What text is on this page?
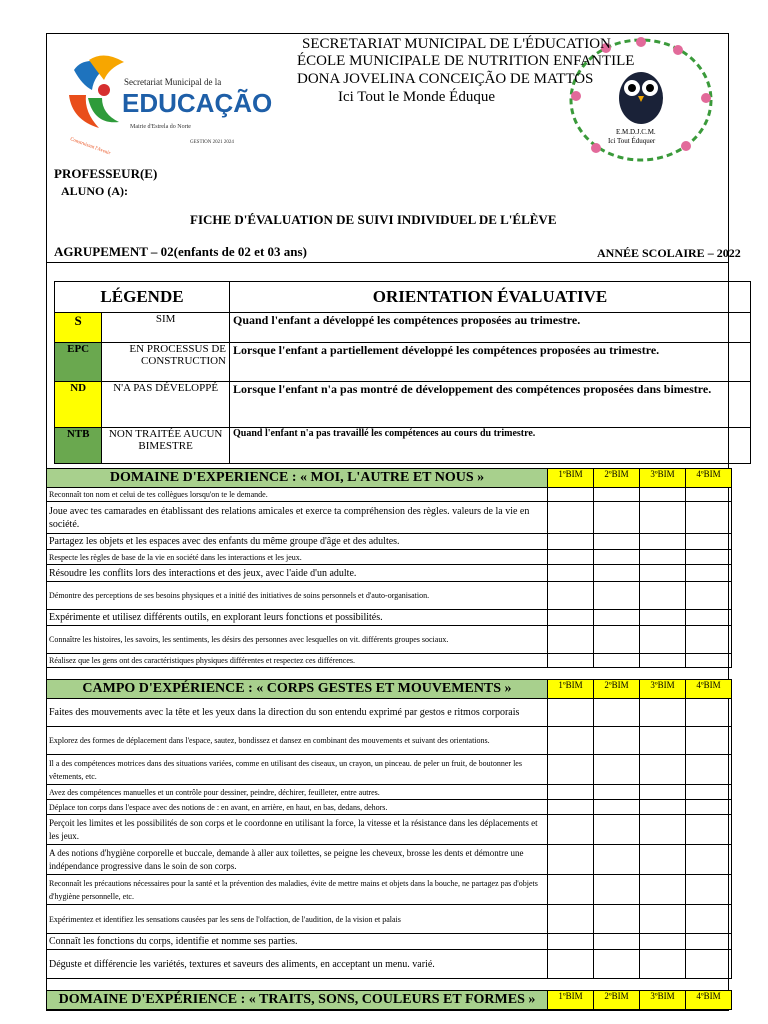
Secretariat Municipal de la
EDUCAÇÃO
Mairie d'Estrela do Norte
GESTION 2021 2024
Construisant l'Avenir
E.M.D.J.C.M.
Ici Tout Éduquer
SECRETARIAT MUNICIPAL DE L'ÉDUCATION
ÉCOLE MUNICIPALE DE NUTRITION ENFANTILE
DONA JOVELINA CONCEIÇÃO DE MATTOS
Ici Tout le Monde Éduque
PROFESSEUR(E)
ALUNO (A):
FICHE D'ÉVALUATION DE SUIVI INDIVIDUEL DE L'ÉLÈVE
AGRUPEMENT – 02(enfants de 02 et 03 ans)	ANNÉE SCOLAIRE – 2022
LÉGENDE		ORIENTATION ÉVALUATIVE
S	SIM	Quand l'enfant a développé les compétences proposées au trimestre.
EPC	EN PROCESSUS DE CONSTRUCTION	Lorsque l'enfant a partiellement développé les compétences proposées au trimestre.
ND	N'A PAS DÉVELOPPÉ	Lorsque l'enfant n'a pas montré de développement des compétences proposées dans bimestre.
NTB	NON TRAITÉE AUCUN BIMESTRE	Quand l'enfant n'a pas travaillé les compétences au cours du trimestre.
DOMAINE D'EXPERIENCE : « MOI, L'AUTRE ET NOUS »	1ºBIM	2ºBIM	3ºBIM	4ºBIM
Reconnaît ton nom et celui de tes collègues lorsqu'on te le demande.				
Joue avec tes camarades en établissant des relations amicales et exerce ta compréhension des règles. valeurs de la vie en société.				
Partagez les objets et les espaces avec des enfants du même groupe d'âge et des adultes.				
Respecte les règles de base de la vie en société dans les interactions et les jeux.				
Résoudre les conflits lors des interactions et des jeux, avec l'aide d'un adulte.				
Démontre des perceptions de ses besoins physiques et a initié des initiatives de soins personnels et d'auto-organisation.				
Expérimente et utilisez différents outils, en explorant leurs fonctions et possibilités.				
Connaître les histoires, les savoirs, les sentiments, les désirs des personnes avec lesquelles on vit. différents groupes sociaux.				
Réalisez que les gens ont des caractéristiques physiques différentes et respectez ces différences.				
CAMPO D'EXPÉRIENCE : « CORPS GESTES ET MOUVEMENTS »	1ºBIM	2ºBIM	3ºBIM	4ºBIM
Faites des mouvements avec la tête et les yeux dans la direction du son entendu exprimé par gestos e ritmos corporais				
Explorez des formes de déplacement dans l'espace, sautez, bondissez et dansez en combinant des mouvements et suivant des orientations.				
Il a des compétences motrices dans des situations variées, comme en utilisant des ciseaux, un crayon, un pinceau. de peler un fruit, de boutonner les vêtements, etc.				
Avez des compétences manuelles et un contrôle pour dessiner, peindre, déchirer, feuilleter, entre autres.				
Déplace ton corps dans l'espace avec des notions de : en avant, en arrière, en haut, en bas, dedans, dehors.				
Perçoit les limites et les possibilités de son corps et le coordonne en utilisant la force, la vitesse et la résistance dans les déplacements et les jeux.				
A des notions d'hygiène corporelle et buccale, demande à aller aux toilettes, se peigne les cheveux, brosse les dents et démontre une indépendance progressive dans le soin de son corps.				
Reconnaît les précautions nécessaires pour la santé et la prévention des maladies, évite de mettre mains et objets dans la bouche, ne partagez pas d'objets d'hygiène personnelle, etc.				
Expérimentez et identifiez les sensations causées par les sens de l'olfaction, de l'audition, de la vision et palais				
Connaît les fonctions du corps, identifie et nomme ses parties.				
Déguste et différencie les variétés, textures et saveurs des aliments, en acceptant un menu. varié.				
DOMAINE D'EXPÉRIENCE : « TRAITS, SONS, COULEURS ET FORMES »	1ºBIM	2ºBIM	3ºBIM	4ºBIM
